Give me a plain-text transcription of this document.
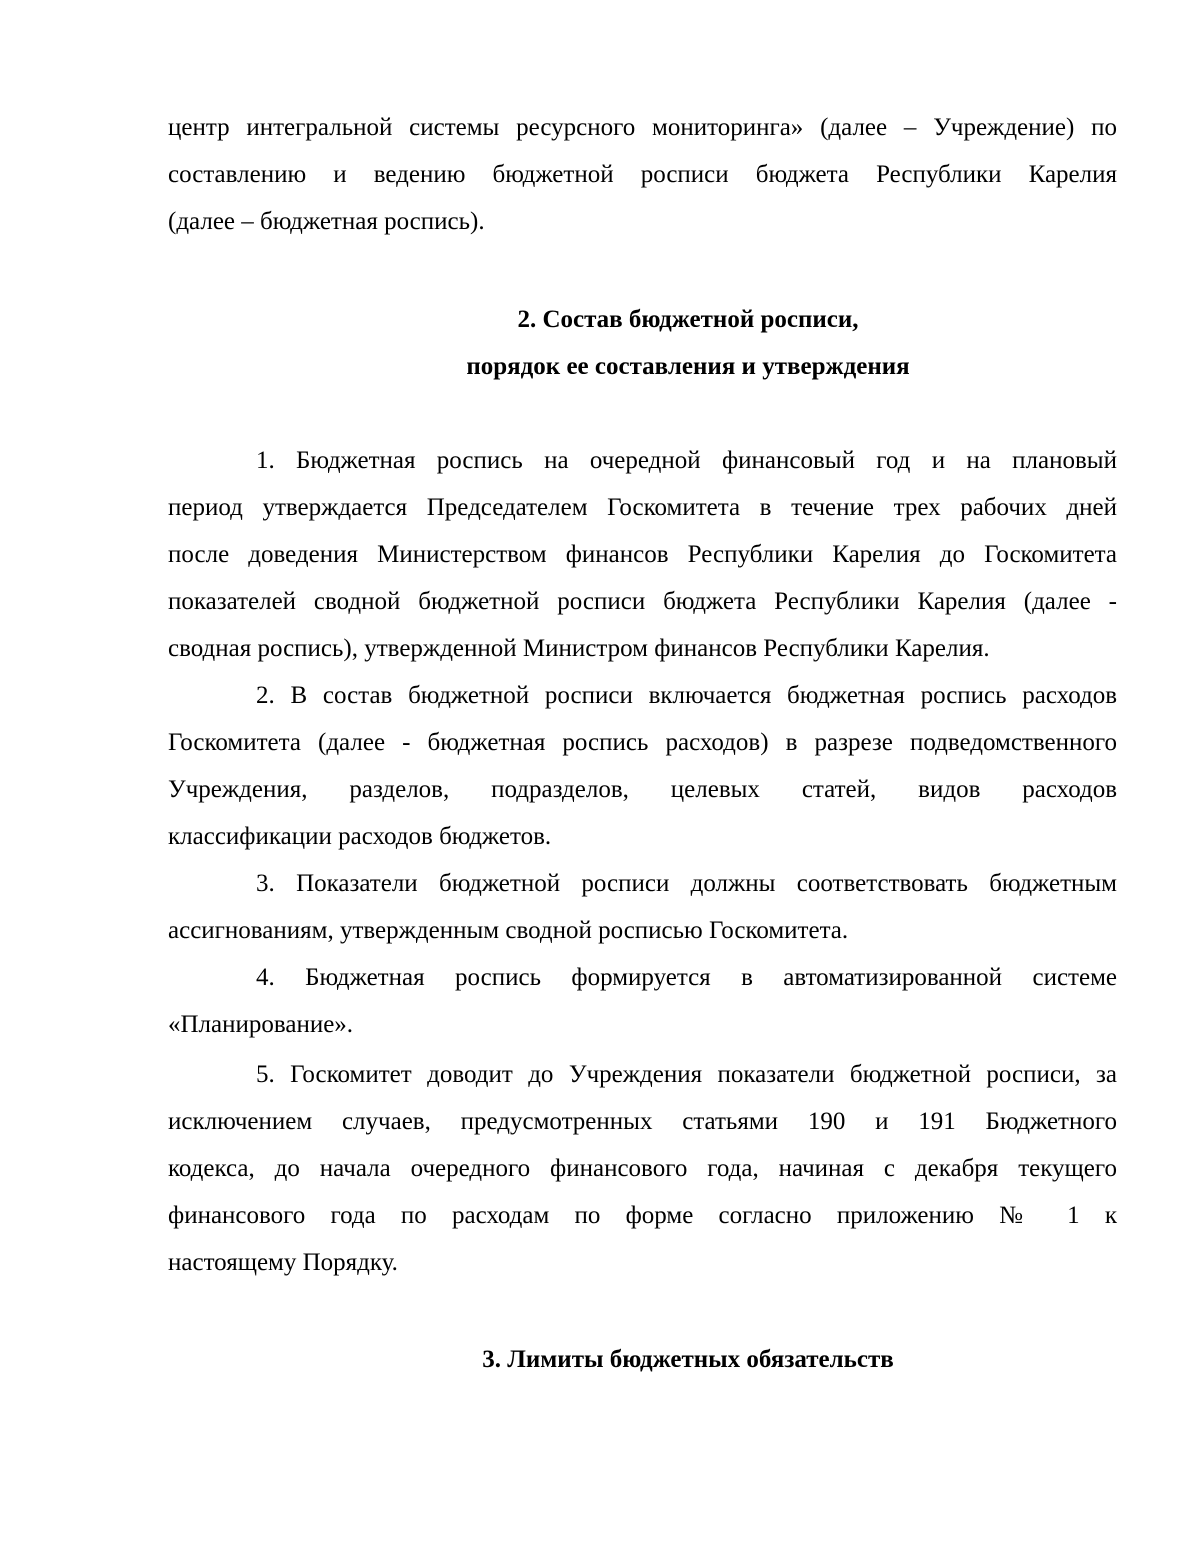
центр интегральной системы ресурсного мониторинга» (далее – Учреждение) по
составлению и ведению бюджетной росписи бюджета Республики Карелия
(далее – бюджетная роспись).
2. Состав бюджетной росписи,
порядок ее составления и утверждения
1. Бюджетная роспись на очередной финансовый год и на плановый
период утверждается Председателем Госкомитета в течение трех рабочих дней
после доведения Министерством финансов Республики Карелия до Госкомитета
показателей сводной бюджетной росписи бюджета Республики Карелия (далее -
сводная роспись), утвержденной Министром финансов Республики Карелия.
2. В состав бюджетной росписи включается бюджетная роспись расходов
Госкомитета (далее - бюджетная роспись расходов) в разрезе подведомственного
Учреждения, разделов, подразделов, целевых статей, видов расходов
классификации расходов бюджетов.
3. Показатели бюджетной росписи должны соответствовать бюджетным
ассигнованиям, утвержденным сводной росписью Госкомитета.
4. Бюджетная роспись формируется в автоматизированной системе
«Планирование».
5. Госкомитет доводит до Учреждения показатели бюджетной росписи, за
исключением случаев, предусмотренных статьями 190 и 191 Бюджетного
кодекса, до начала очередного финансового года, начиная с декабря текущего
финансового года по расходам по форме согласно приложению № 1 к
настоящему Порядку.
3. Лимиты бюджетных обязательств
